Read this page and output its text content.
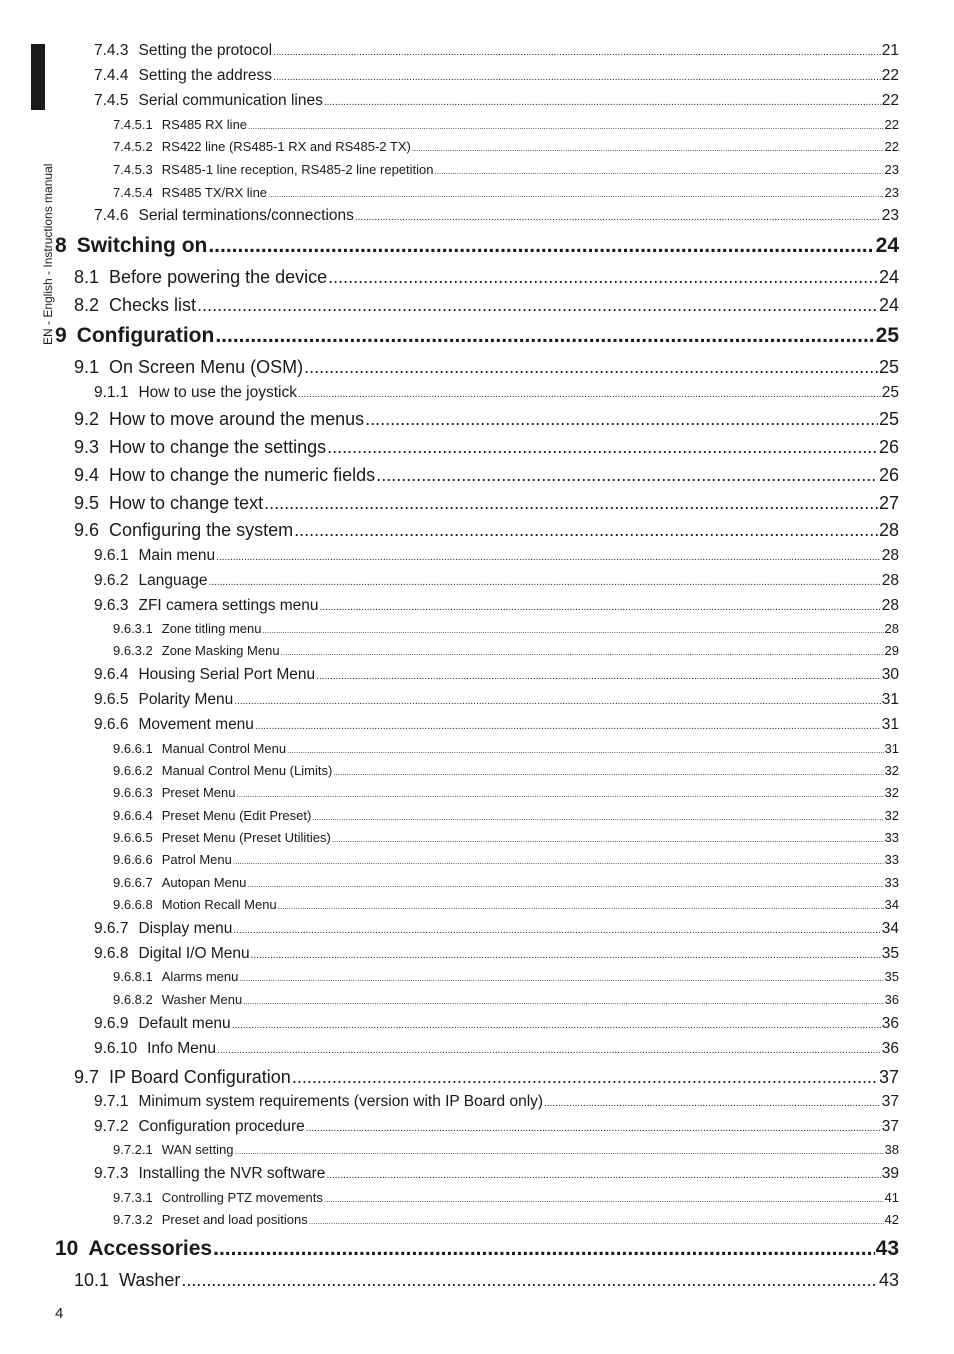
EN - English - Instructions manual
7.4.3 Setting the protocol .....	21
7.4.4 Setting the address .....	22
7.4.5 Serial communication lines .....	22
7.4.5.1 RS485 RX line .....	22
7.4.5.2 RS422 line (RS485-1 RX and RS485-2 TX) .....	22
7.4.5.3 RS485-1 line reception, RS485-2 line repetition .....	23
7.4.5.4 RS485 TX/RX line .....	23
7.4.6 Serial terminations/connections .....	23
8 Switching on .....	24
8.1 Before powering the device .....	24
8.2 Checks list .....	24
9 Configuration .....	25
9.1 On Screen Menu (OSM) .....	25
9.1.1 How to use the joystick .....	25
9.2 How to move around the menus .....	25
9.3 How to change the settings .....	26
9.4 How to change the numeric fields .....	26
9.5 How to change text .....	27
9.6 Configuring the system .....	28
9.6.1 Main menu .....	28
9.6.2 Language .....	28
9.6.3 ZFI camera settings menu .....	28
9.6.3.1 Zone titling menu .....	28
9.6.3.2 Zone Masking Menu .....	29
9.6.4 Housing Serial Port Menu .....	30
9.6.5 Polarity Menu .....	31
9.6.6 Movement menu .....	31
9.6.6.1 Manual Control Menu .....	31
9.6.6.2 Manual Control Menu (Limits) .....	32
9.6.6.3 Preset Menu .....	32
9.6.6.4 Preset Menu (Edit Preset) .....	32
9.6.6.5 Preset Menu (Preset Utilities) .....	33
9.6.6.6 Patrol Menu .....	33
9.6.6.7 Autopan Menu .....	33
9.6.6.8 Motion Recall Menu .....	34
9.6.7 Display menu .....	34
9.6.8 Digital I/O Menu .....	35
9.6.8.1 Alarms menu .....	35
9.6.8.2 Washer Menu .....	36
9.6.9 Default menu .....	36
9.6.10 Info Menu .....	36
9.7 IP Board Configuration .....	37
9.7.1 Minimum system requirements (version with IP Board only) .....	37
9.7.2 Configuration procedure .....	37
9.7.2.1 WAN setting .....	38
9.7.3 Installing the NVR software .....	39
9.7.3.1 Controlling PTZ movements .....	41
9.7.3.2 Preset and load positions .....	42
10 Accessories .....	43
10.1 Washer .....	43
4
